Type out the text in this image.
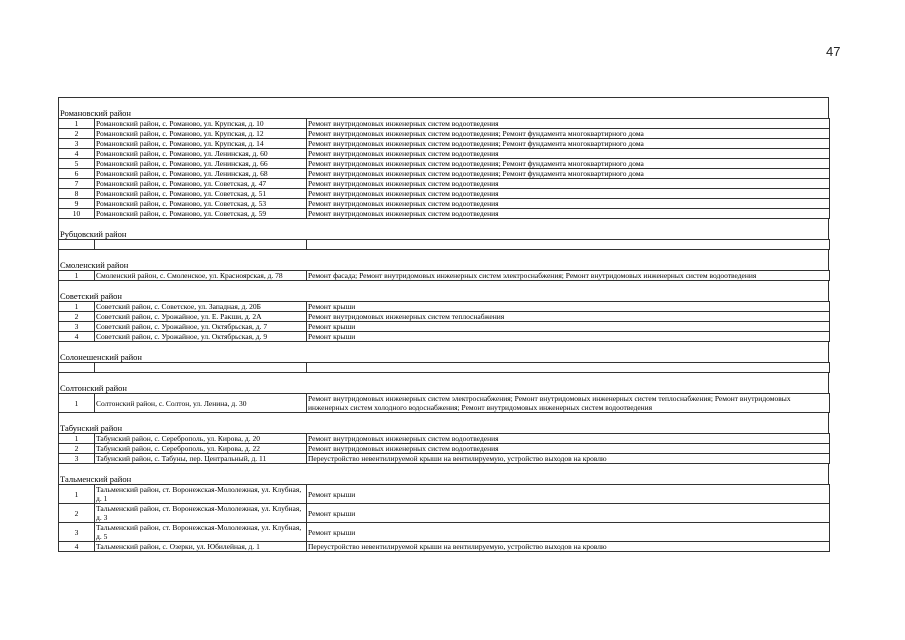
47
Романовский район
1	Романовский район, с. Романово, ул. Крупская, д. 10	Ремонт внутридомовых инженерных систем водоотведения
2	Романовский район, с. Романово, ул. Крупская, д. 12	Ремонт внутридомовых инженерных систем водоотведения; Ремонт фундамента многоквартирного дома
3	Романовский район, с. Романово, ул. Крупская, д. 14	Ремонт внутридомовых инженерных систем водоотведения; Ремонт фундамента многоквартирного дома
4	Романовский район, с. Романово, ул. Ленинская, д. 60	Ремонт внутридомовых инженерных систем водоотведения
5	Романовский район, с. Романово, ул. Ленинская, д. 66	Ремонт внутридомовых инженерных систем водоотведения; Ремонт фундамента многоквартирного дома
6	Романовский район, с. Романово, ул. Ленинская, д. 68	Ремонт внутридомовых инженерных систем водоотведения; Ремонт фундамента многоквартирного дома
7	Романовский район, с. Романово, ул. Советская, д. 47	Ремонт внутридомовых инженерных систем водоотведения
8	Романовский район, с. Романово, ул. Советская, д. 51	Ремонт внутридомовых инженерных систем водоотведения
9	Романовский район, с. Романово, ул. Советская, д. 53	Ремонт внутридомовых инженерных систем водоотведения
10	Романовский район, с. Романово, ул. Советская, д. 59	Ремонт внутридомовых инженерных систем водоотведения
Рубцовский район

Смоленский район
1	Смоленский район, с. Смоленское, ул. Красноярская, д. 78	Ремонт фасада; Ремонт внутридомовых инженерных систем электроснабжения; Ремонт внутридомовых инженерных систем водоотведения
Советский район
1	Советский район, с. Советское, ул. Западная, д. 20Б	Ремонт крыши
2	Советский район, с. Урожайное, ул. Е. Ракши, д. 2А	Ремонт внутридомовых инженерных систем теплоснабжения
3	Советский район, с. Урожайное, ул. Октябрьская, д. 7	Ремонт крыши
4	Советский район, с. Урожайное, ул. Октябрьская, д. 9	Ремонт крыши
Солонешенский район

Солтонский район
1	Солтонский район, с. Солтон, ул. Ленина, д. 30	Ремонт внутридомовых инженерных систем электроснабжения; Ремонт внутридомовых инженерных систем теплоснабжения; Ремонт внутридомовых инженерных систем холодного водоснабжения; Ремонт внутридомовых инженерных систем водоотведения
Табунский район
1	Табунский район, с. Сереброполь, ул. Кирова, д. 20	Ремонт внутридомовых инженерных систем водоотведения
2	Табунский район, с. Сереброполь, ул. Кирова, д. 22	Ремонт внутридомовых инженерных систем водоотведения
3	Табунский район, с. Табуны, пер. Центральный, д. 11	Переустройство невентилируемой крыши на вентилируемую, устройство выходов на кровлю
Тальменский район
1	Тальменский район, ст. Воронежская-Мололежная, ул. Клубная, д. 1	Ремонт крыши
2	Тальменский район, ст. Воронежская-Мололежная, ул. Клубная, д. 3	Ремонт крыши
3	Тальменский район, ст. Воронежская-Мололежная, ул. Клубная, д. 5	Ремонт крыши
4	Тальменский район, с. Озерки, ул. Юбилейная, д. 1	Переустройство невентилируемой крыши на вентилируемую, устройство выходов на кровлю
